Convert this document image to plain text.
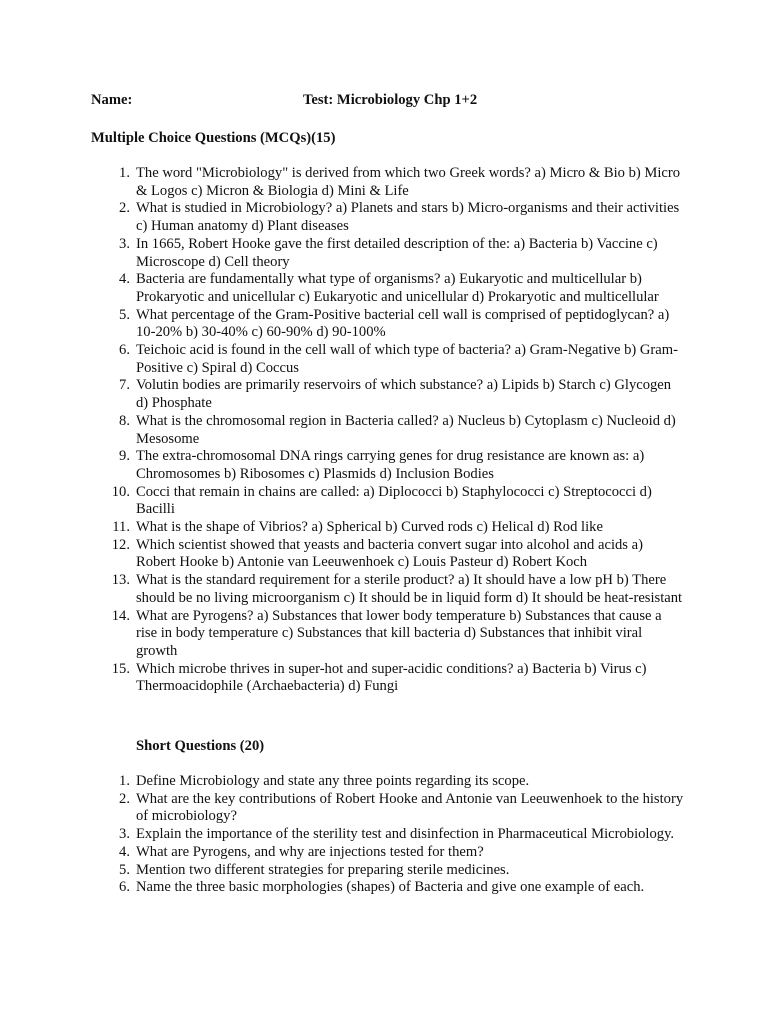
Name:	Test: Microbiology Chp 1+2
Multiple Choice Questions (MCQs)(15)
1. The word "Microbiology" is derived from which two Greek words? a) Micro & Bio b) Micro & Logos c) Micron & Biologia d) Mini & Life
2. What is studied in Microbiology? a) Planets and stars b) Micro-organisms and their activities c) Human anatomy d) Plant diseases
3. In 1665, Robert Hooke gave the first detailed description of the: a) Bacteria b) Vaccine c) Microscope d) Cell theory
4. Bacteria are fundamentally what type of organisms? a) Eukaryotic and multicellular b) Prokaryotic and unicellular c) Eukaryotic and unicellular d) Prokaryotic and multicellular
5. What percentage of the Gram-Positive bacterial cell wall is comprised of peptidoglycan? a) 10-20% b) 30-40% c) 60-90% d) 90-100%
6. Teichoic acid is found in the cell wall of which type of bacteria? a) Gram-Negative b) Gram-Positive c) Spiral d) Coccus
7. Volutin bodies are primarily reservoirs of which substance? a) Lipids b) Starch c) Glycogen d) Phosphate
8. What is the chromosomal region in Bacteria called? a) Nucleus b) Cytoplasm c) Nucleoid d) Mesosome
9. The extra-chromosomal DNA rings carrying genes for drug resistance are known as: a) Chromosomes b) Ribosomes c) Plasmids d) Inclusion Bodies
10. Cocci that remain in chains are called: a) Diplococci b) Staphylococci c) Streptococci d) Bacilli
11. What is the shape of Vibrios? a) Spherical b) Curved rods c) Helical d) Rod like
12. Which scientist showed that yeasts and bacteria convert sugar into alcohol and acids a) Robert Hooke b) Antonie van Leeuwenhoek c) Louis Pasteur d) Robert Koch
13. What is the standard requirement for a sterile product? a) It should have a low pH b) There should be no living microorganism c) It should be in liquid form d) It should be heat-resistant
14. What are Pyrogens? a) Substances that lower body temperature b) Substances that cause a rise in body temperature c) Substances that kill bacteria d) Substances that inhibit viral growth
15. Which microbe thrives in super-hot and super-acidic conditions? a) Bacteria b) Virus c) Thermoacidophile (Archaebacteria) d) Fungi
Short Questions (20)
1. Define Microbiology and state any three points regarding its scope.
2. What are the key contributions of Robert Hooke and Antonie van Leeuwenhoek to the history of microbiology?
3. Explain the importance of the sterility test and disinfection in Pharmaceutical Microbiology.
4. What are Pyrogens, and why are injections tested for them?
5. Mention two different strategies for preparing sterile medicines.
6. Name the three basic morphologies (shapes) of Bacteria and give one example of each.
